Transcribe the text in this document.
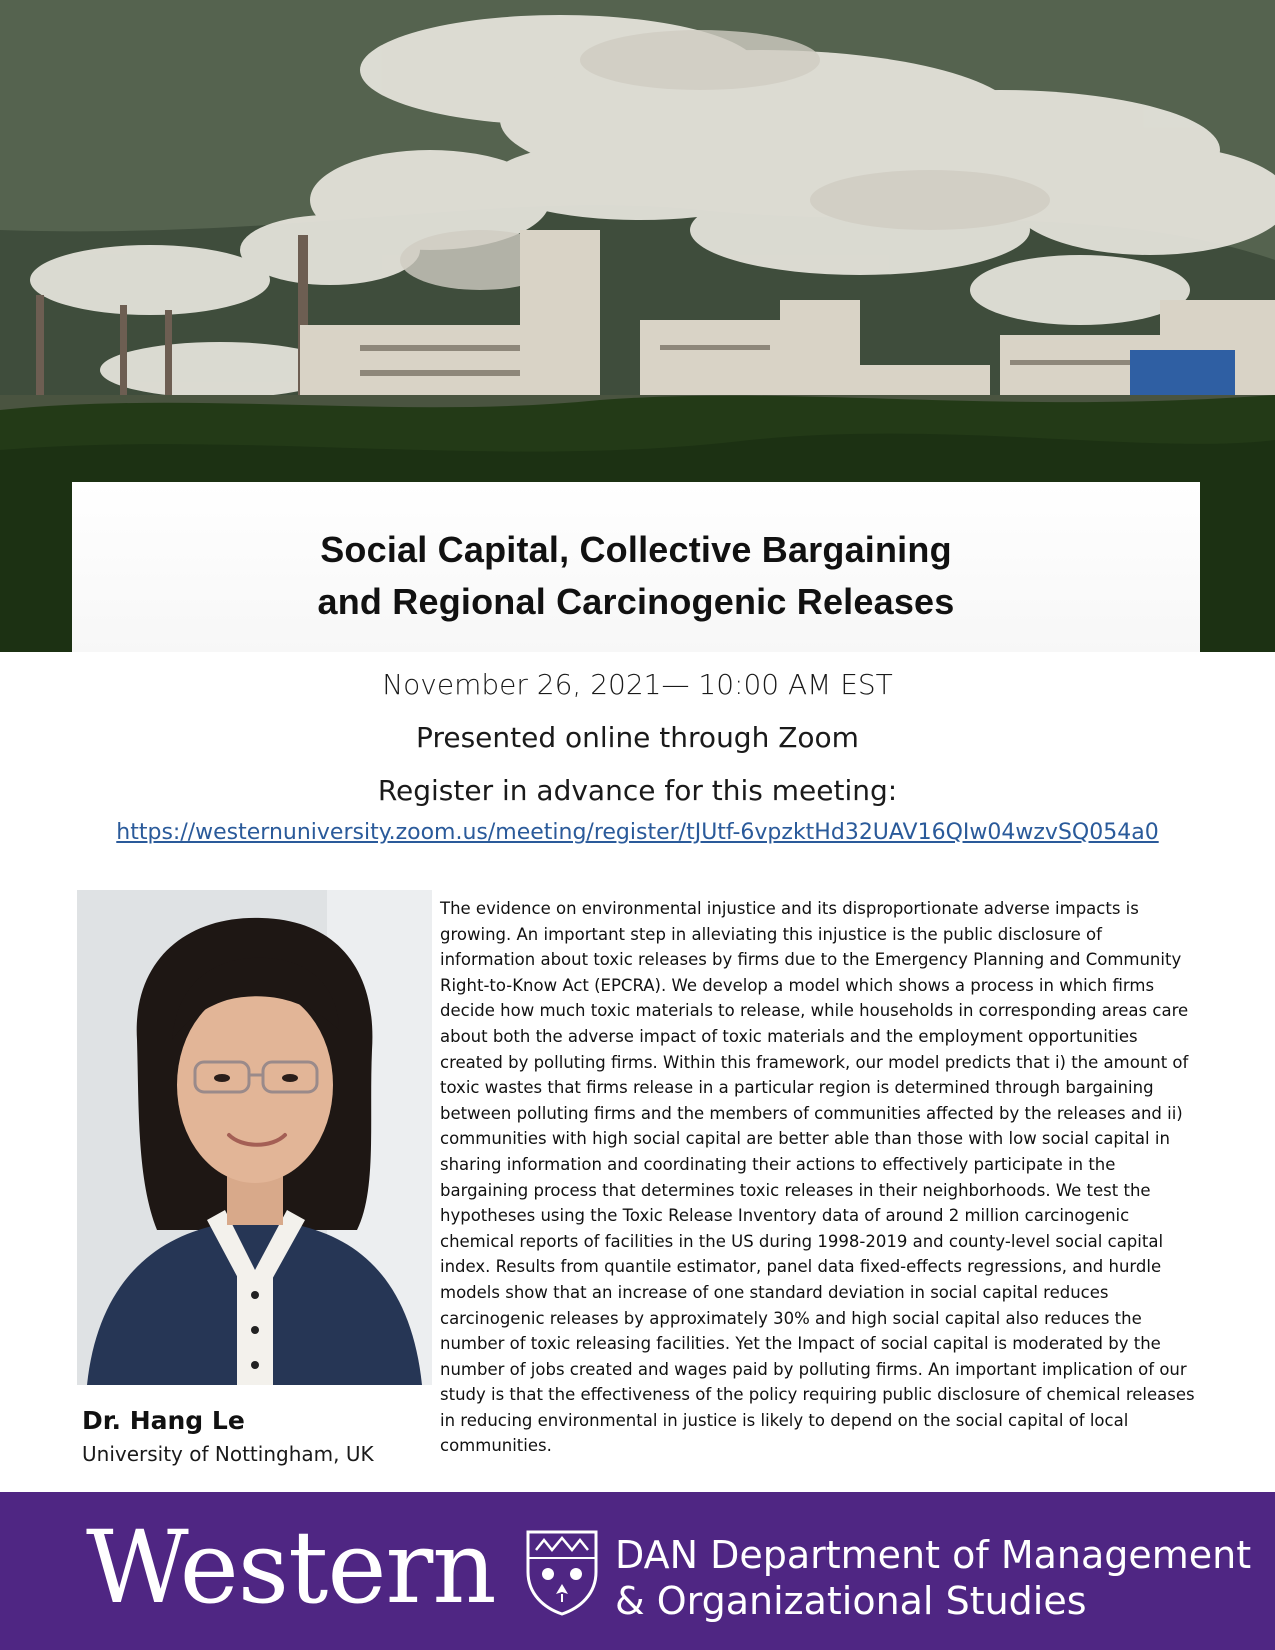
Social Capital, Collective Bargaining
and Regional Carcinogenic Releases
November 26, 2021— 10:00 AM EST
Presented online through Zoom
Register in advance for this meeting:
https://westernuniversity.zoom.us/meeting/register/tJUtf-6vpzktHd32UAV16QIw04wzvSQ054a0
Dr. Hang Le
University of Nottingham, UK
The evidence on environmental injustice and its disproportionate adverse impacts is growing. An important step in alleviating this injustice is the public disclosure of information about toxic releases by firms due to the Emergency Planning and Community Right-to-Know Act (EPCRA). We develop a model which shows a process in which firms decide how much toxic materials to release, while households in corresponding areas care about both the adverse impact of toxic materials and the employment opportunities created by polluting firms. Within this framework, our model predicts that i) the amount of toxic wastes that firms release in a particular region is determined through bargaining between polluting firms and the members of communities affected by the releases and ii) communities with high social capital are better able than those with low social capital in sharing information and coordinating their actions to effectively participate in the bargaining process that determines toxic releases in their neighborhoods. We test the hypotheses using the Toxic Release Inventory data of around 2 million carcinogenic chemical reports of facilities in the US during 1998-2019 and county-level social capital index. Results from quantile estimator, panel data fixed-effects regressions, and hurdle models show that an increase of one standard deviation in social capital reduces carcinogenic releases by approximately 30% and high social capital also reduces the number of toxic releasing facilities. Yet the Impact of social capital is moderated by the number of jobs created and wages paid by polluting firms. An important implication of our study is that the effectiveness of the policy requiring public disclosure of chemical releases in reducing environmental in justice is likely to depend on the social capital of local communities.
Western	DAN Department of Management
& Organizational Studies
